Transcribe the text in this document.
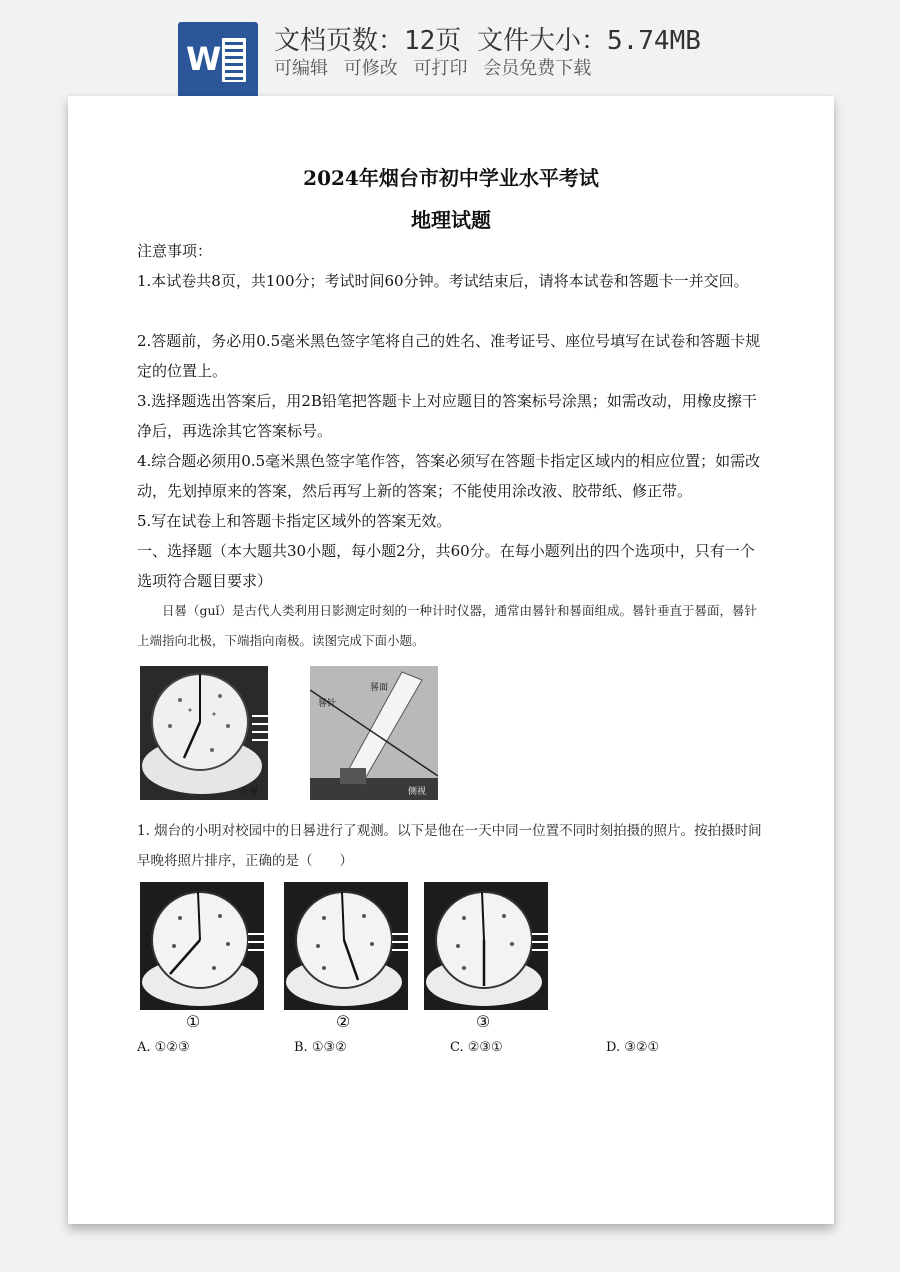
W 文档页数：12页 文件大小：5.74MB
可编辑 可修改 可打印 会员免费下载
2024年烟台市初中学业水平考试
地理试题
注意事项：
1.本试卷共8页，共100分；考试时间60分钟。考试结束后，请将本试卷和答题卡一并交回。
2.答题前，务必用0.5毫米黑色签字笔将自己的姓名、准考证号、座位号填写在试卷和答题卡规定的位置上。
3.选择题选出答案后，用2B铅笔把答题卡上对应题目的答案标号涂黑；如需改动，用橡皮擦干净后，再选涂其它答案标号。
4.综合题必须用0.5毫米黑色签字笔作答，答案必须写在答题卡指定区域内的相应位置；如需改动，先划掉原来的答案，然后再写上新的答案；不能使用涂改液、胶带纸、修正带。
5.写在试卷上和答题卡指定区域外的答案无效。
一、选择题（本大题共30小题，每小题2分，共60分。在每小题列出的四个选项中，只有一个选项符合题目要求）
日晷（guǐ）是古代人类利用日影测定时刻的一种计时仪器，通常由晷针和晷面组成。晷针垂直于晷面，晷针上端指向北极，下端指向南极。读图完成下面小题。
正视
晷面
晷针
侧视
1. 烟台的小明对校园中的日晷进行了观测。以下是他在一天中同一位置不同时刻拍摄的照片。按拍摄时间早晚将照片排序，正确的是（　　）
①	②	③
A. ①②③	B. ①③②	C. ②③①	D. ③②①
